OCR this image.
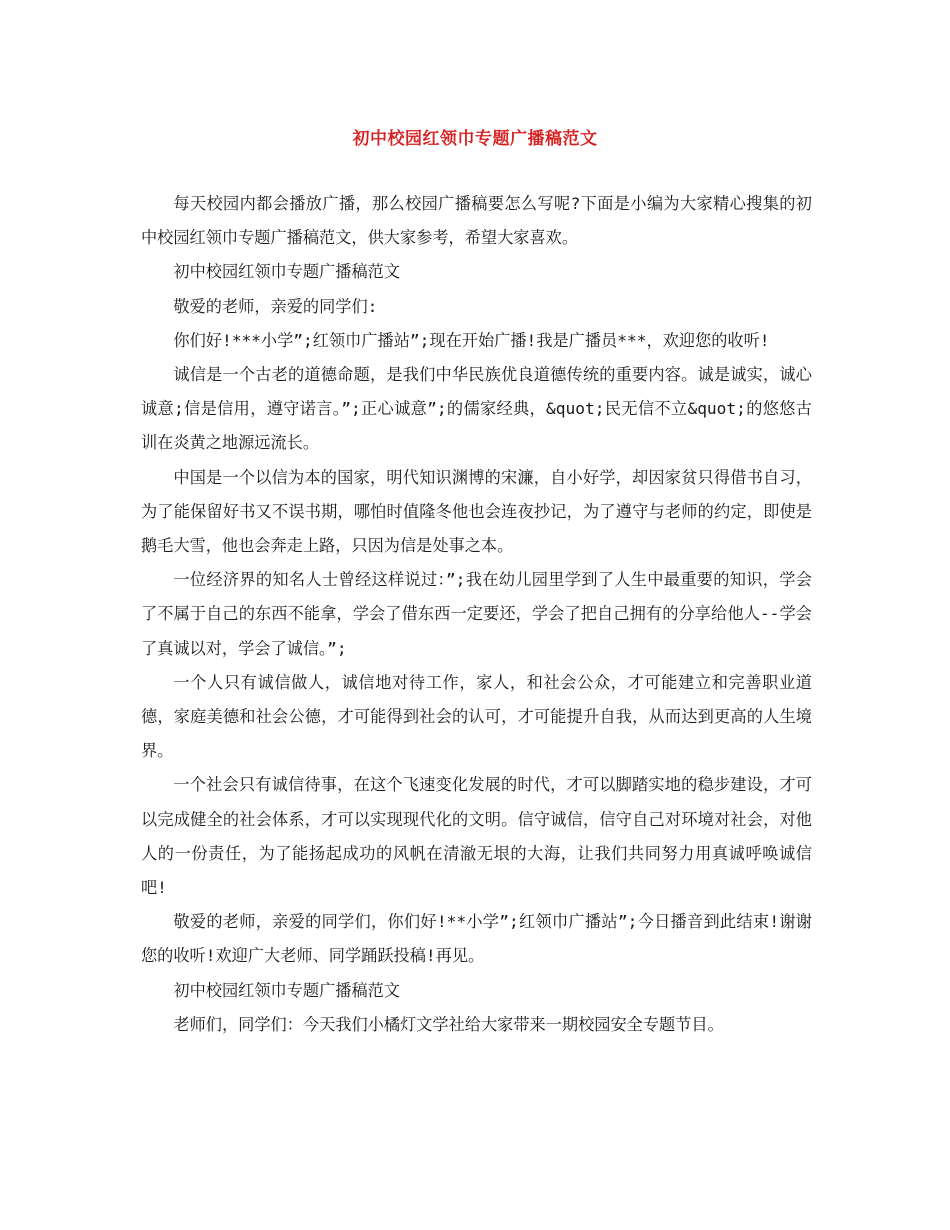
初中校园红领巾专题广播稿范文

每天校园内都会播放广播，那么校园广播稿要怎么写呢?下面是小编为大家精心搜集的初中校园红领巾专题广播稿范文，供大家参考，希望大家喜欢。

初中校园红领巾专题广播稿范文

敬爱的老师，亲爱的同学们:

你们好!***小学”;红领巾广播站”;现在开始广播!我是广播员***，欢迎您的收听!

诚信是一个古老的道德命题，是我们中华民族优良道德传统的重要内容。诚是诚实，诚心诚意;信是信用，遵守诺言。”;正心诚意”;的儒家经典，&quot;民无信不立&quot;的悠悠古训在炎黄之地源远流长。

中国是一个以信为本的国家，明代知识渊博的宋濂，自小好学，却因家贫只得借书自习，为了能保留好书又不误书期，哪怕时值隆冬他也会连夜抄记，为了遵守与老师的约定，即使是鹅毛大雪，他也会奔走上路，只因为信是处事之本。

一位经济界的知名人士曾经这样说过：”;我在幼儿园里学到了人生中最重要的知识，学会了不属于自己的东西不能拿，学会了借东西一定要还，学会了把自己拥有的分享给他人--学会了真诚以对，学会了诚信。”;

一个人只有诚信做人，诚信地对待工作，家人，和社会公众，才可能建立和完善职业道德，家庭美德和社会公德，才可能得到社会的认可，才可能提升自我，从而达到更高的人生境界。

一个社会只有诚信待事，在这个飞速变化发展的时代，才可以脚踏实地的稳步建设，才可以完成健全的社会体系，才可以实现现代化的文明。信守诚信，信守自己对环境对社会，对他人的一份责任，为了能扬起成功的风帆在清澈无垠的大海，让我们共同努力用真诚呼唤诚信吧!

敬爱的老师，亲爱的同学们，你们好!**小学”;红领巾广播站”;今日播音到此结束!谢谢您的收听!欢迎广大老师、同学踊跃投稿!再见。

初中校园红领巾专题广播稿范文

老师们，同学们：今天我们小橘灯文学社给大家带来一期校园安全专题节目。
